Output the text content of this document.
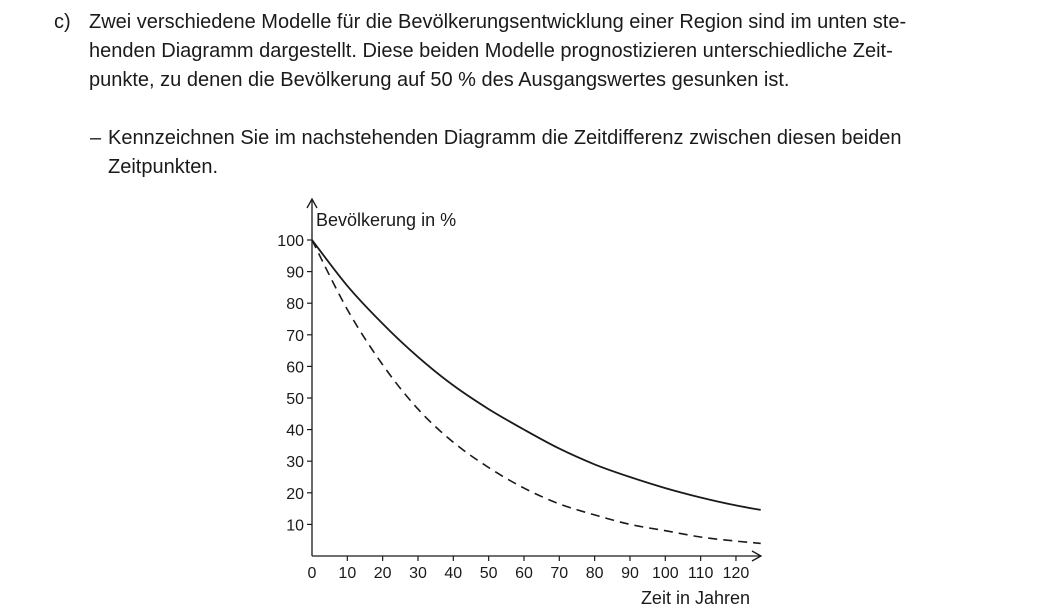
c) Zwei verschiedene Modelle für die Bevölkerungsentwicklung einer Region sind im unten ste-
henden Diagramm dargestellt. Diese beiden Modelle prognostizieren unterschiedliche Zeit-
punkte, zu denen die Bevölkerung auf 50 % des Ausgangswertes gesunken ist.
– Kennzeichnen Sie im nachstehenden Diagramm die Zeitdifferenz zwischen diesen beiden
Zeitpunkten.
10
20
30
40
50
60
70
80
90
100
0 10 20 30 40 50 60 70 80 90 100 110 120
Bevölkerung in %
Zeit in Jahren
